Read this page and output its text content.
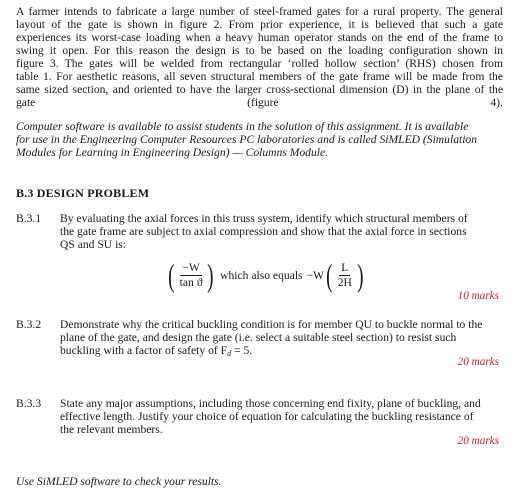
A farmer intends to fabricate a large number of steel-framed gates for a rural property. The general
layout of the gate is shown in figure 2. From prior experience, it is believed that such a gate
experiences its worst-case loading when a heavy human operator stands on the end of the frame to
swing it open. For this reason the design is to be based on the loading configuration shown in
figure 3. The gates will be welded from rectangular ‘rolled hollow section’ (RHS) chosen from
table 1. For aesthetic reasons, all seven structural members of the gate frame will be made from the
same sized section, and oriented to have the larger cross-sectional dimension (D) in the plane of the
gate (figure 4).
Computer software is available to assist students in the solution of this assignment. It is available
for use in the Engineering Computer Resources PC laboratories and is called SiMLED (Simulation
Modules for Learning in Engineering Design) — Columns Module.
B.3 DESIGN PROBLEM
B.3.1 By evaluating the axial forces in this truss system, identify which structural members of
the gate frame are subject to axial compression and show that the axial force in sections
QS and SU is:
( $\frac{-W}{\text{tan ϑ}}$ ) which also equals −W ( $\frac{L}{2H}$ )
10 marks
B.3.2 Demonstrate why the critical buckling condition is for member QU to buckle normal to the
plane of the gate, and design the gate (i.e. select a suitable steel section) to resist such
buckling with a factor of safety of $F_d = 5$.
20 marks
B.3.3 State any major assumptions, including those concerning end fixity, plane of buckling, and
effective length. Justify your choice of equation for calculating the buckling resistance of
the relevant members.
20 marks
Use SiMLED software to check your results.
